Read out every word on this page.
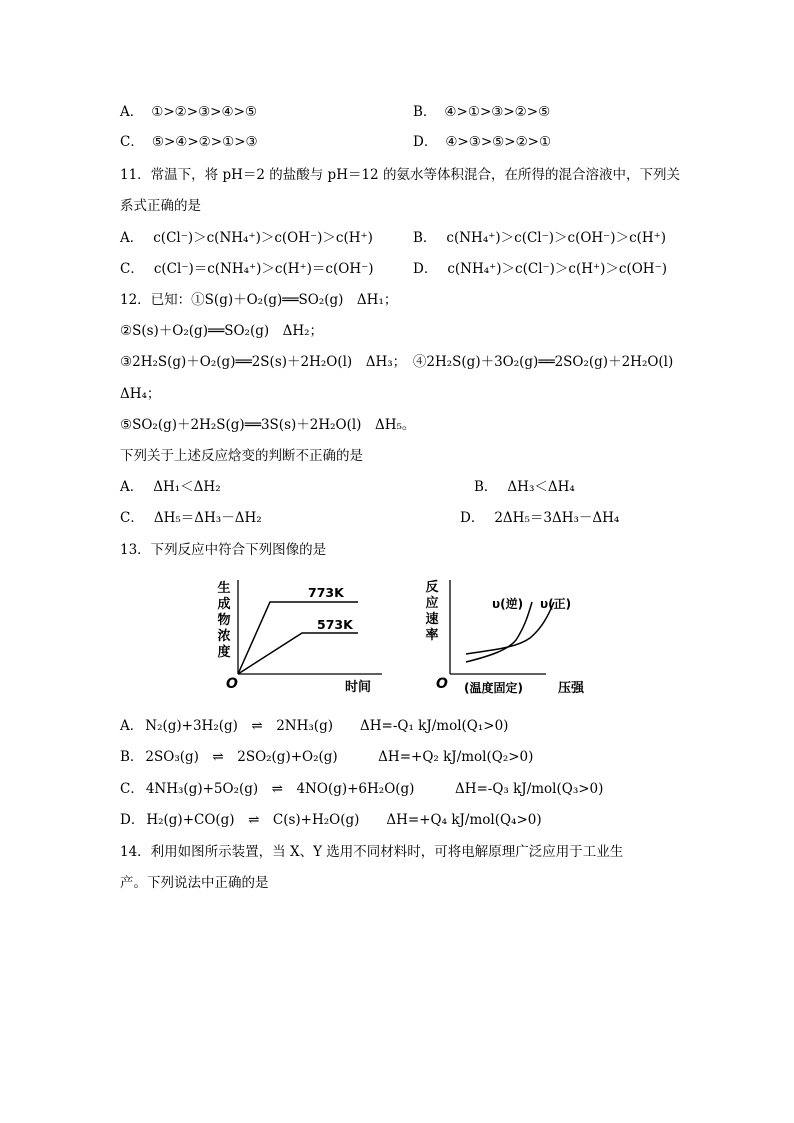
A． ①>②>③>④>⑤	B． ④>①>③>②>⑤
C． ⑤>④>②>①>③	D． ④>③>⑤>②>①
11．常温下，将 pH＝2 的盐酸与 pH＝12 的氨水等体积混合，在所得的混合溶液中，下列关
系式正确的是
A． c(Cl⁻)＞c(NH₄⁺)＞c(OH⁻)＞c(H⁺)	B． c(NH₄⁺)＞c(Cl⁻)＞c(OH⁻)＞c(H⁺)
C． c(Cl⁻)＝c(NH₄⁺)＞c(H⁺)＝c(OH⁻)	D． c(NH₄⁺)＞c(Cl⁻)＞c(H⁺)＞c(OH⁻)
12．已知：①S(g)＋O₂(g)══SO₂(g)　ΔH₁；
②S(s)＋O₂(g)══SO₂(g)　ΔH₂；
③2H₂S(g)＋O₂(g)══2S(s)＋2H₂O(l)　ΔH₃；　④2H₂S(g)＋3O₂(g)══2SO₂(g)＋2H₂O(l)
ΔH₄；
⑤SO₂(g)＋2H₂S(g)══3S(s)＋2H₂O(l)　ΔH₅。
下列关于上述反应焓变的判断不正确的是
A． ΔH₁＜ΔH₂	B． ΔH₃＜ΔH₄
C． ΔH₅＝ΔH₃－ΔH₂	D． 2ΔH₅＝3ΔH₃－ΔH₄
13．下列反应中符合下列图像的是
生
成
物
浓
度
O	时间
773K
573K
反
应
速
率
O (温度固定)	压强
υ(逆) υ(正)
A． N₂(g)+3H₂(g)　⇌　2NH₃(g)　　ΔH=-Q₁ kJ/mol(Q₁>0)
B． 2SO₃(g)　⇌　2SO₂(g)+O₂(g)　　　ΔH=+Q₂ kJ/mol(Q₂>0)
C． 4NH₃(g)+5O₂(g)　⇌　4NO(g)+6H₂O(g)　　　ΔH=-Q₃ kJ/mol(Q₃>0)
D． H₂(g)+CO(g)　⇌　C(s)+H₂O(g)　　ΔH=+Q₄ kJ/mol(Q₄>0)
14．利用如图所示装置，当 X、Y 选用不同材料时，可将电解原理广泛应用于工业生
产。下列说法中正确的是
